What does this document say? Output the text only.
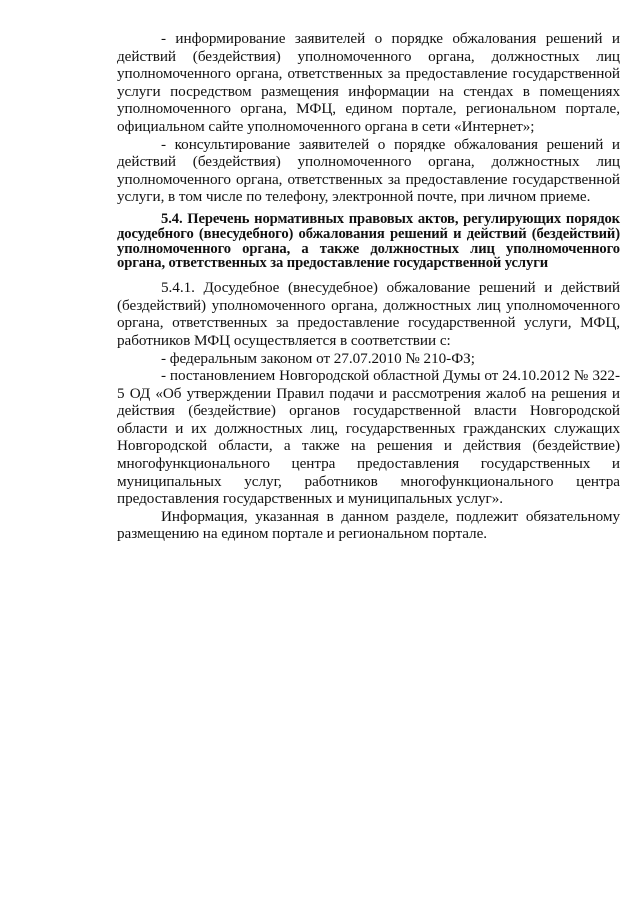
- информирование заявителей о порядке обжалования решений и действий (бездействия) уполномоченного органа, должностных лиц уполномоченного органа, ответственных за предоставление государственной услуги посредством размещения информации на стендах в помещениях уполномоченного органа, МФЦ, едином портале, региональном портале, официальном сайте уполномоченного органа в сети «Интернет»;

- консультирование заявителей о порядке обжалования решений и действий (бездействия) уполномоченного органа, должностных лиц уполномоченного органа, ответственных за предоставление государственной услуги, в том числе по телефону, электронной почте, при личном приеме.

5.4. Перечень нормативных правовых актов, регулирующих порядок досудебного (внесудебного) обжалования решений и действий (бездействий) уполномоченного органа, а также должностных лиц уполномоченного органа, ответственных за предоставление государственной услуги

5.4.1. Досудебное (внесудебное) обжалование решений и действий (бездействий) уполномоченного органа, должностных лиц уполномоченного органа, ответственных за предоставление государственной услуги, МФЦ, работников МФЦ осуществляется в соответствии с:

- федеральным законом от 27.07.2010 № 210-ФЗ;

- постановлением Новгородской областной Думы от 24.10.2012 № 322-5 ОД «Об утверждении Правил подачи и рассмотрения жалоб на решения и действия (бездействие) органов государственной власти Новгородской области и их должностных лиц, государственных гражданских служащих Новгородской области, а также на решения и действия (бездействие) многофункционального центра предоставления государственных и муниципальных услуг, работников многофункционального центра предоставления государственных и муниципальных услуг».

Информация, указанная в данном разделе, подлежит обязательному размещению на едином портале и региональном портале.
